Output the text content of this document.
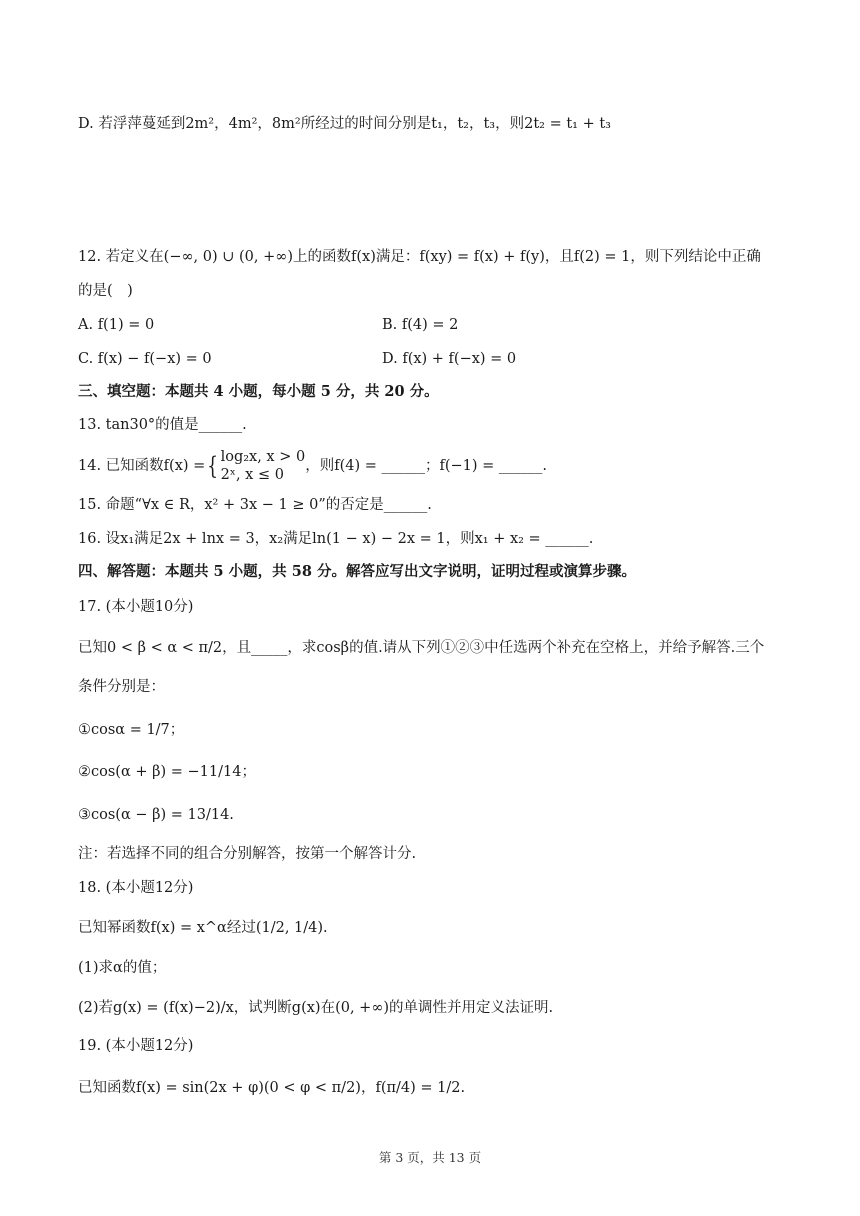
D. 若浮萍蔓延到2m²，4m²，8m²所经过的时间分别是t₁，t₂，t₃，则2t₂ = t₁ + t₃
12. 若定义在(−∞, 0) ∪ (0, +∞)上的函数f(x)满足：f(xy) = f(x) + f(y)，且f(2) = 1，则下列结论中正确
的是(　)
A. f(1) = 0	B. f(4) = 2
C. f(x) − f(−x) = 0	D. f(x) + f(−x) = 0
三、填空题：本题共 4 小题，每小题 5 分，共 20 分。
13. tan30°的值是______.
14. 已知函数f(x) ={ log₂x, x > 0
2ˣ, x ≤ 0
，则f(4) = ______；f(−1) = ______.
15. 命题“∀x ∈ R，x² + 3x − 1 ≥ 0”的否定是______.
16. 设x₁满足2x + lnx = 3，x₂满足ln(1 − x) − 2x = 1，则x₁ + x₂ = ______.
四、解答题：本题共 5 小题，共 58 分。解答应写出文字说明，证明过程或演算步骤。
17. (本小题10分)
已知0 < β < α < π/2，且_____，求cosβ的值.请从下列①②③中任选两个补充在空格上，并给予解答.三个
条件分别是：
①cosα = 1/7；
②cos(α + β) = −11/14；
③cos(α − β) = 13/14.
注：若选择不同的组合分别解答，按第一个解答计分.
18. (本小题12分)
已知幂函数f(x) = x^α经过(1/2, 1/4).
(1)求α的值；
(2)若g(x) = (f(x)−2)/x，试判断g(x)在(0, +∞)的单调性并用定义法证明.
19. (本小题12分)
已知函数f(x) = sin(2x + φ)(0 < φ < π/2)，f(π/4) = 1/2.
第 3 页，共 13 页
